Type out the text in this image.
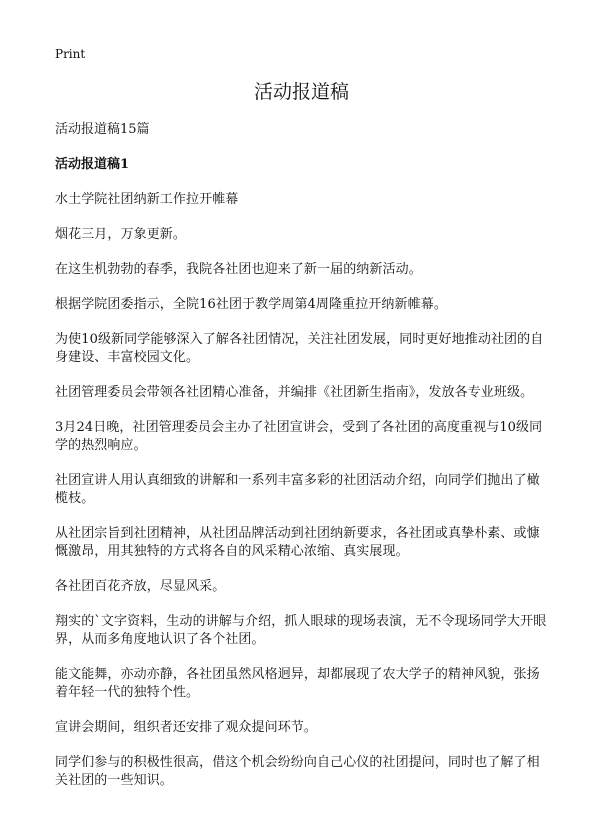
Print
活动报道稿

活动报道稿15篇

活动报道稿1

水土学院社团纳新工作拉开帷幕

烟花三月，万象更新。

在这生机勃勃的春季，我院各社团也迎来了新一届的纳新活动。

根据学院团委指示，全院16社团于教学周第4周隆重拉开纳新帷幕。

为使10级新同学能够深入了解各社团情况，关注社团发展，同时更好地推动社团的自身建设、丰富校园文化。

社团管理委员会带领各社团精心准备，并编排《社团新生指南》，发放各专业班级。

3月24日晚，社团管理委员会主办了社团宣讲会，受到了各社团的高度重视与10级同学的热烈响应。

社团宣讲人用认真细致的讲解和一系列丰富多彩的社团活动介绍，向同学们抛出了橄榄枝。

从社团宗旨到社团精神，从社团品牌活动到社团纳新要求，各社团或真挚朴素、或慷慨激昂，用其独特的方式将各自的风采精心浓缩、真实展现。

各社团百花齐放，尽显风采。

翔实的`文字资料，生动的讲解与介绍，抓人眼球的现场表演，无不令现场同学大开眼界，从而多角度地认识了各个社团。

能文能舞，亦动亦静，各社团虽然风格迥异，却都展现了农大学子的精神风貌，张扬着年轻一代的独特个性。

宣讲会期间，组织者还安排了观众提问环节。

同学们参与的积极性很高，借这个机会纷纷向自己心仪的社团提问，同时也了解了相关社团的一些知识。
